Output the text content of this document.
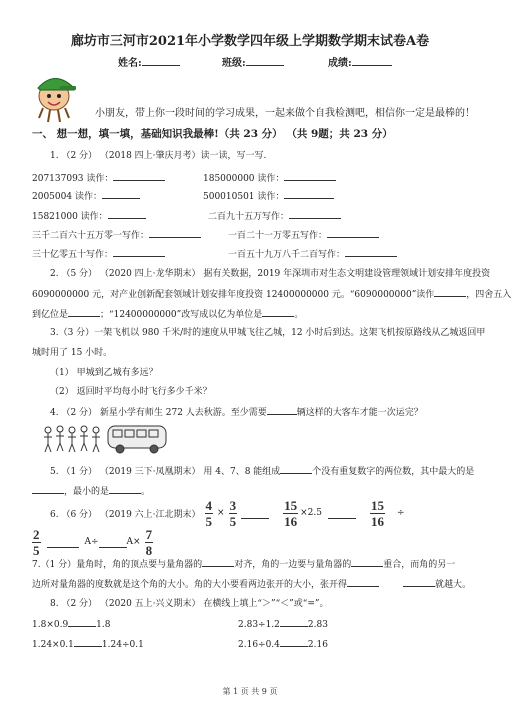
廊坊市三河市2021年小学数学四年级上学期数学期末试卷A卷
姓名:	班级:	成绩:
小朋友，带上你一段时间的学习成果，一起来做个自我检测吧，相信你一定是最棒的！
一、 想一想，填一填，基础知识我最棒!（共 23 分） （共 9题；共 23 分）
1. （2 分） （2018 四上·肇庆月考）读一读，写一写.
207137093 读作：	185000000 读作：
2005004 读作：	500010501 读作：
15821000 读作：	二百九十五万写作：
三千二百六十五万零一写作：	一百二十一万零五写作：
三十亿零五十写作：	一百五十九万八千二百写作：
2. （5 分） （2020 四上·龙华期末） 据有关数据，2019 年深圳市对生态文明建设管理领域计划安排年度投资
6090000000 元，对产业创新配套领域计划安排年度投资 12400000000 元。“6090000000”读作	，四舍五入
到亿位是	；“12400000000”改写成以亿为单位是	。
3.（3 分）一架飞机以 980 千米/时的速度从甲城飞往乙城，12 小时后到达。这架飞机按原路线从乙城返回甲
城时用了 15 小时。
（1） 甲城到乙城有多远？
（2） 返回时平均每小时飞行多少千米？
4. （2 分） 新星小学有师生 272 人去秋游。至少需要	辆这样的大客车才能一次运完？
5. （1 分） （2019 三下·凤凰期末） 用 4、7、8 能组成	个没有重复数字的两位数，其中最大的是
，最小的是	。
6. （6 分） （2019 六上·江北期末）
4
5
×
3
5
15
16
×2.5
15
16
÷
2
5
A÷	A×
7
8
7.（1 分）量角时，角的顶点要与量角器的	对齐，角的一边要与量角器的	重合，而角的另一
边所对量角器的度数就是这个角的大小。角的大小要看两边张开的大小，张开得	就越大。
8. （2 分） （2020 五上·兴义期末） 在横线上填上“＞”“＜”或“=”。
1.8×0.9	1.8	2.83÷1.2	2.83
1.24×0.1	1.24÷0.1	2.16÷0.4	2.16
第 1 页 共 9 页
